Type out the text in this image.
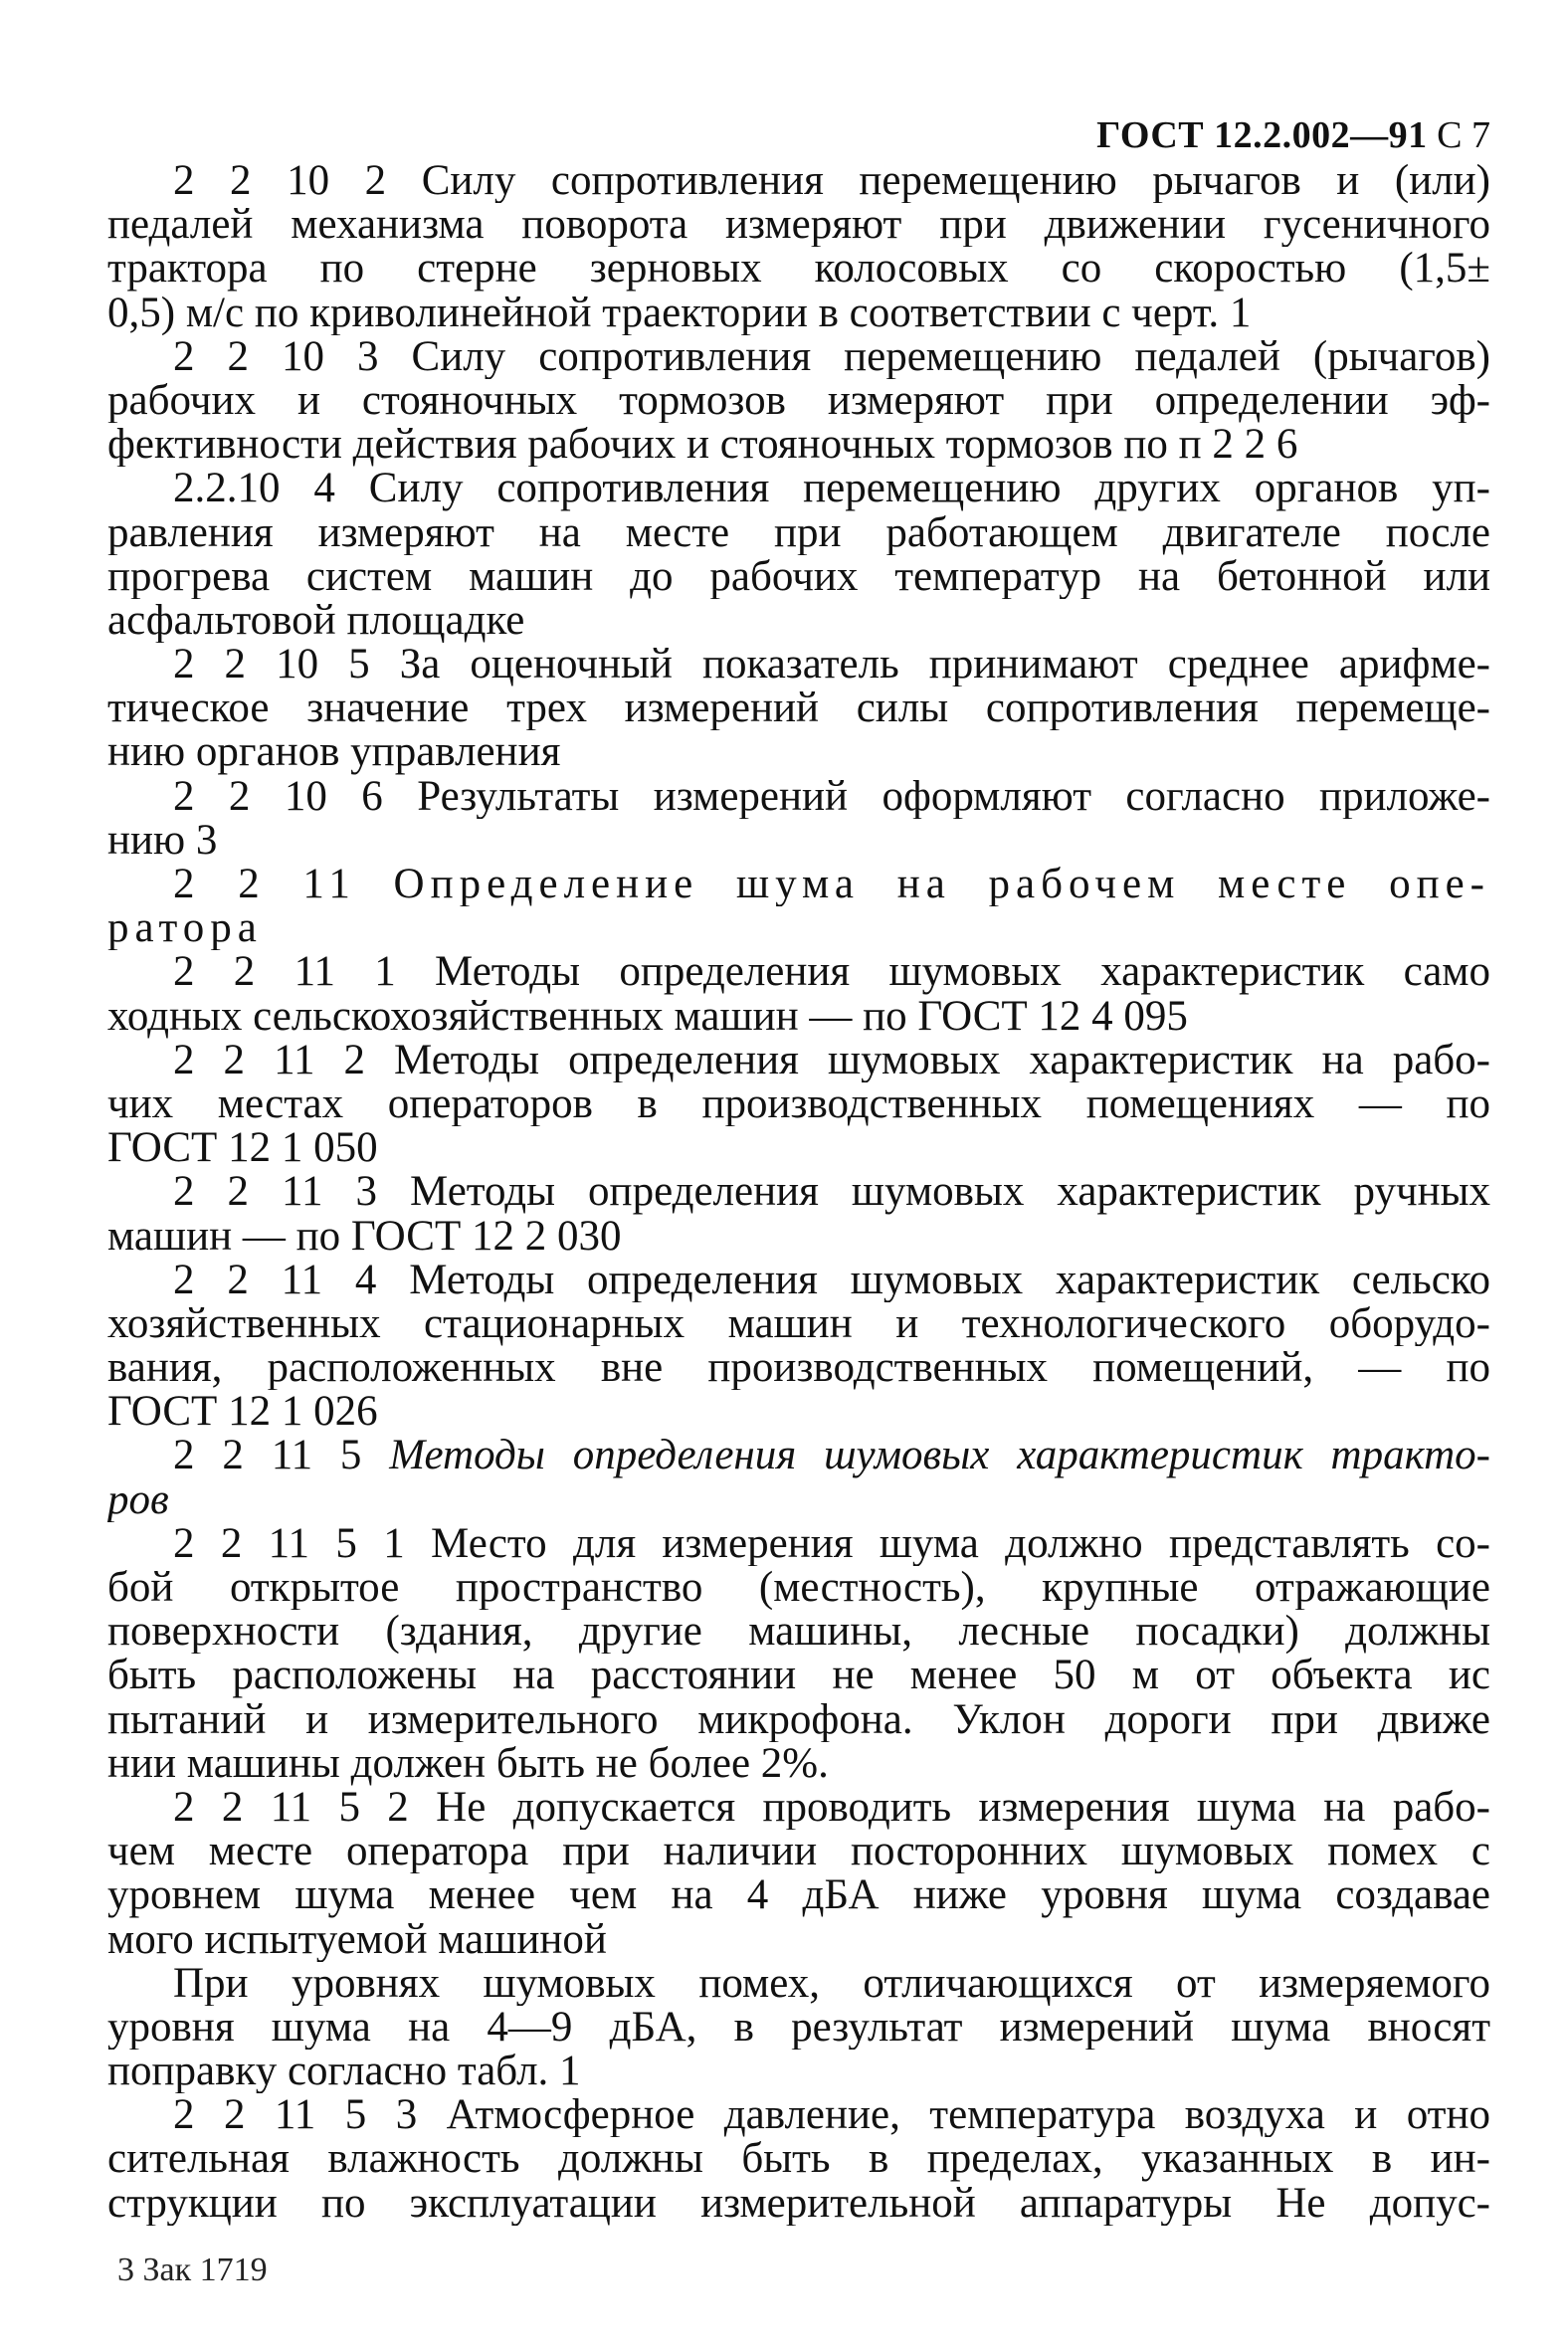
ГОСТ 12.2.002—91 С 7
2 2 10 2 Силу сопротивления перемещению рычагов и (или)
педалей механизма поворота измеряют при движении гусеничного
трактора по стерне зерновых колосовых со скоростью (1,5±
0,5) м/с по криволинейной траектории в соответствии с черт. 1
2 2 10 3 Силу сопротивления перемещению педалей (рычагов)
рабочих и стояночных тормозов измеряют при определении эф-
фективности действия рабочих и стояночных тормозов по п 2 2 6
2.2.10 4 Силу сопротивления перемещению других органов уп-
равления измеряют на месте при работающем двигателе после
прогрева систем машин до рабочих температур на бетонной или
асфальтовой площадке
2 2 10 5 За оценочный показатель принимают среднее арифме-
тическое значение трех измерений силы сопротивления перемеще-
нию органов управления
2 2 10 6 Результаты измерений оформляют согласно приложе-
нию 3
2 2 11 Определение шума на рабочем месте опе-
ратора
2 2 11 1 Методы определения шумовых характеристик само
ходных сельскохозяйственных машин — по ГОСТ 12 4 095
2 2 11 2 Методы определения шумовых характеристик на рабо-
чих местах операторов в производственных помещениях — по
ГОСТ 12 1 050
2 2 11 3 Методы определения шумовых характеристик ручных
машин — по ГОСТ 12 2 030
2 2 11 4 Методы определения шумовых характеристик сельско
хозяйственных стационарных машин и технологического оборудо-
вания, расположенных вне производственных помещений, — по
ГОСТ 12 1 026
2 2 11 5 Методы определения шумовых характеристик тракто-
ров
2 2 11 5 1 Место для измерения шума должно представлять со-
бой открытое пространство (местность), крупные отражающие
поверхности (здания, другие машины, лесные посадки) должны
быть расположены на расстоянии не менее 50 м от объекта ис
пытаний и измерительного микрофона. Уклон дороги при движе
нии машины должен быть не более 2%.
2 2 11 5 2 Не допускается проводить измерения шума на рабо-
чем месте оператора при наличии посторонних шумовых помех с
уровнем шума менее чем на 4 дБА ниже уровня шума создавае
мого испытуемой машиной
При уровнях шумовых помех, отличающихся от измеряемого
уровня шума на 4—9 дБА, в результат измерений шума вносят
поправку согласно табл. 1
2 2 11 5 3 Атмосферное давление, температура воздуха и отно
сительная влажность должны быть в пределах, указанных в ин-
струкции по эксплуатации измерительной аппаратуры Не допус-
3 Зак 1719
